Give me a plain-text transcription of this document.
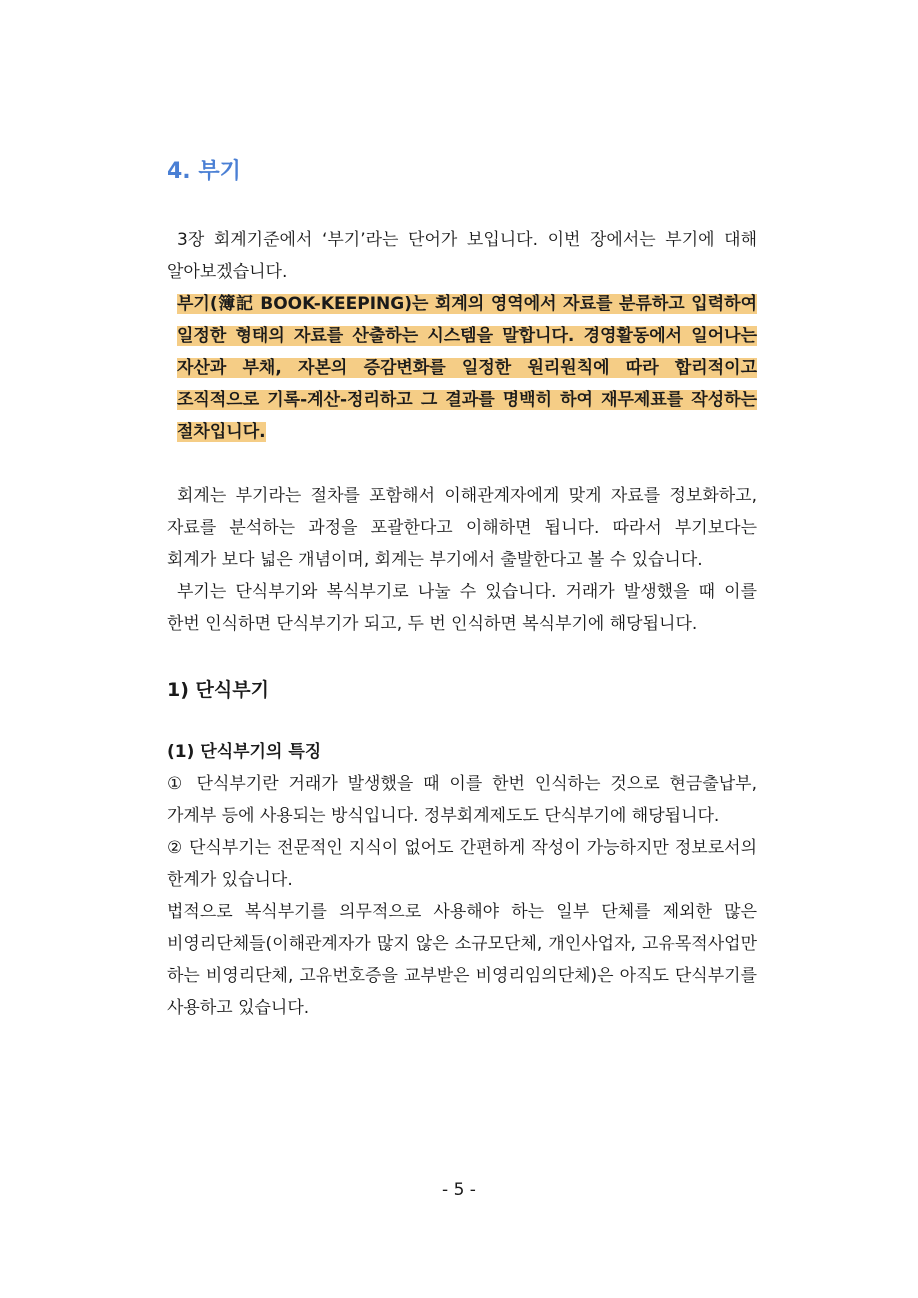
4. 부기

3장 회계기준에서 ‘부기’라는 단어가 보입니다. 이번 장에서는 부기에 대해 알아보겠습니다.

부기(簿記 BOOK-KEEPING)는 회계의 영역에서 자료를 분류하고 입력하여 일정한 형태의 자료를 산출하는 시스템을 말합니다. 경영활동에서 일어나는 자산과 부채, 자본의 증감변화를 일정한 원리원칙에 따라 합리적이고 조직적으로 기록-계산-정리하고 그 결과를 명백히 하여 재무제표를 작성하는 절차입니다.

회계는 부기라는 절차를 포함해서 이해관계자에게 맞게 자료를 정보화하고, 자료를 분석하는 과정을 포괄한다고 이해하면 됩니다. 따라서 부기보다는 회계가 보다 넓은 개념이며, 회계는 부기에서 출발한다고 볼 수 있습니다.

부기는 단식부기와 복식부기로 나눌 수 있습니다. 거래가 발생했을 때 이를 한번 인식하면 단식부기가 되고, 두 번 인식하면 복식부기에 해당됩니다.

1) 단식부기
(1) 단식부기의 특징

① 단식부기란 거래가 발생했을 때 이를 한번 인식하는 것으로 현금출납부, 가계부 등에 사용되는 방식입니다. 정부회계제도도 단식부기에 해당됩니다.

② 단식부기는 전문적인 지식이 없어도 간편하게 작성이 가능하지만 정보로서의 한계가 있습니다.

법적으로 복식부기를 의무적으로 사용해야 하는 일부 단체를 제외한 많은 비영리단체들(이해관계자가 많지 않은 소규모단체, 개인사업자, 고유목적사업만 하는 비영리단체, 고유번호증을 교부받은 비영리임의단체)은 아직도 단식부기를 사용하고 있습니다.

- 5 -
